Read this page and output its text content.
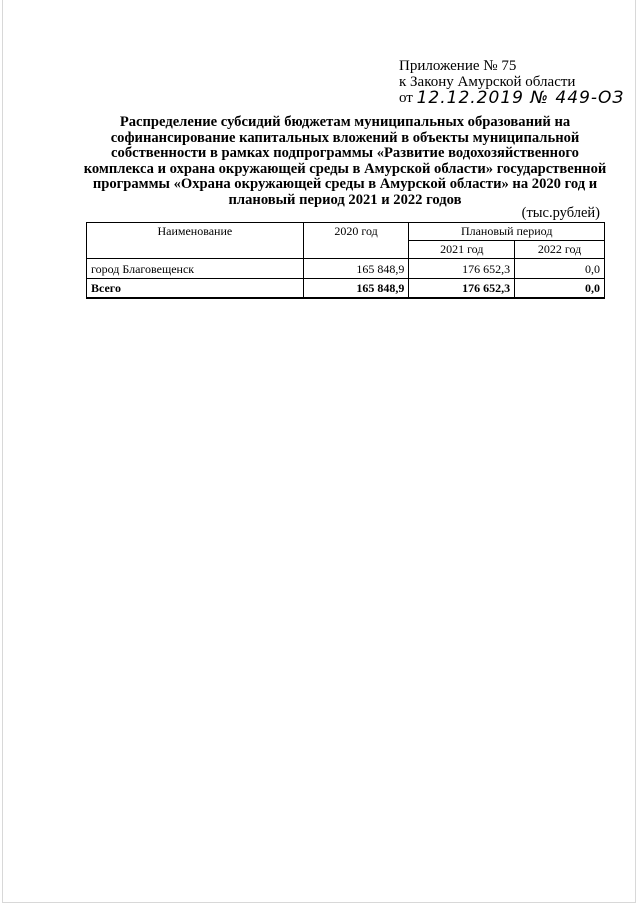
Приложение № 75
к Закону Амурской области
от 12.12.2019 № 449-ОЗ
Распределение субсидий бюджетам муниципальных образований на софинансирование капитальных вложений в объекты муниципальной собственности в рамках подпрограммы «Развитие водохозяйственного комплекса и охрана окружающей среды в Амурской области» государственной программы «Охрана окружающей среды в Амурской области» на 2020 год и плановый период 2021 и 2022 годов
(тыс.рублей)
Наименование	2020 год	Плановый период	
		2021 год	2022 год
город Благовещенск	165 848,9	176 652,3	0,0
Всего	165 848,9	176 652,3	0,0
